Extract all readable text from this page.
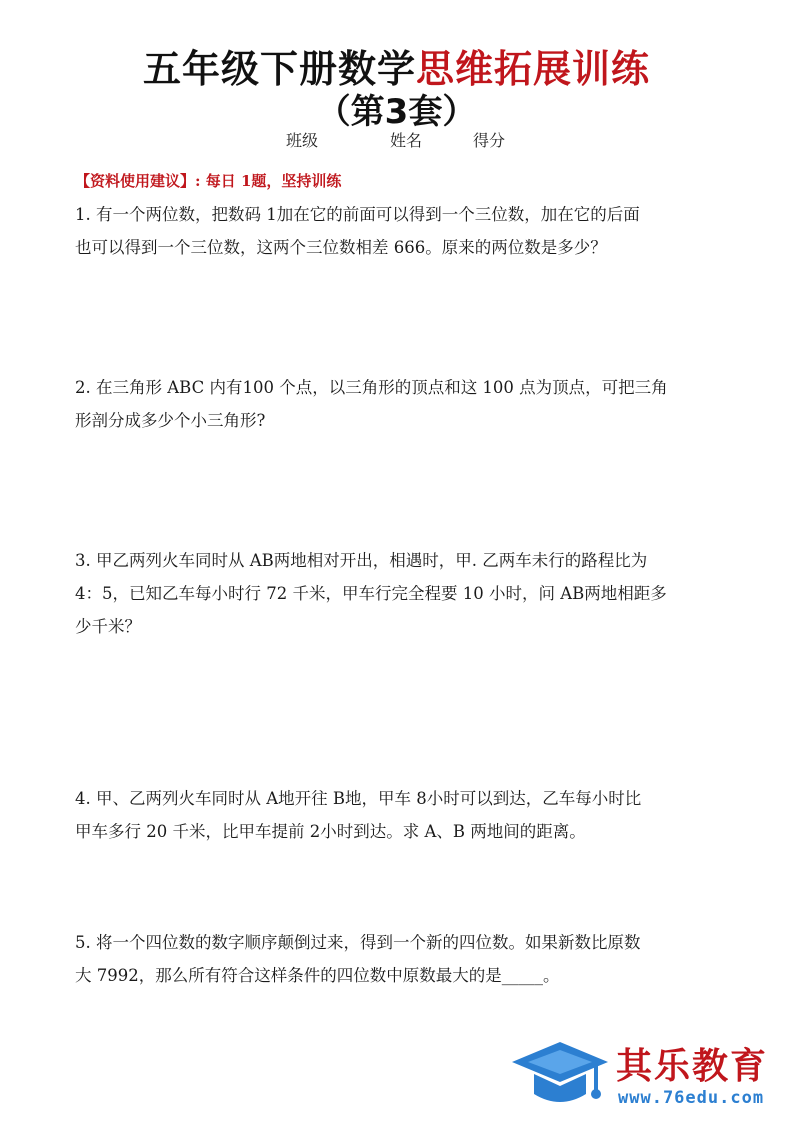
五年级下册数学思维拓展训练
（第3套）
班级	姓名	得分
【资料使用建议】: 每日 1题，坚持训练
1. 有一个两位数，把数码 1加在它的前面可以得到一个三位数，加在它的后面
也可以得到一个三位数，这两个三位数相差 666。原来的两位数是多少？
2. 在三角形 ABC 内有100 个点，以三角形的顶点和这 100 点为顶点，可把三角
形剖分成多少个小三角形?
3. 甲乙两列火车同时从 AB两地相对开出，相遇时，甲. 乙两车未行的路程比为
4：5，已知乙车每小时行 72 千米，甲车行完全程要 10 小时，问 AB两地相距多
少千米？
4. 甲、乙两列火车同时从 A地开往 B地，甲车 8小时可以到达，乙车每小时比
甲车多行 20 千米，比甲车提前 2小时到达。求 A、B 两地间的距离。
5. 将一个四位数的数字顺序颠倒过来，得到一个新的四位数。如果新数比原数
大 7992，那么所有符合这样条件的四位数中原数最大的是_____。
其乐教育
www.76edu.com
